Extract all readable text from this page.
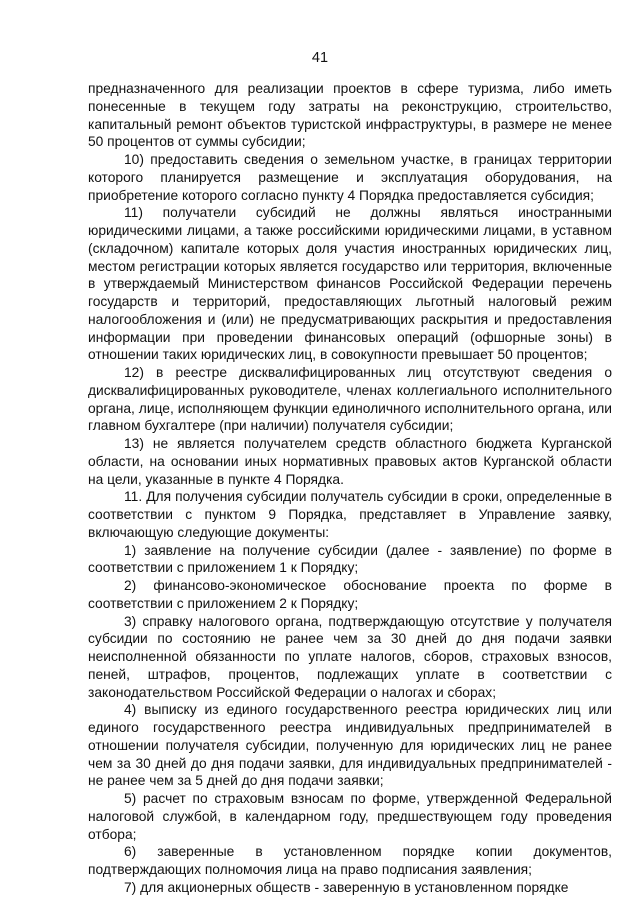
41

предназначенного для реализации проектов в сфере туризма, либо иметь понесенные в текущем году затраты на реконструкцию, строительство, капитальный ремонт объектов туристской инфраструктуры, в размере не менее 50 процентов от суммы субсидии;

10) предоставить сведения о земельном участке, в границах территории которого планируется размещение и эксплуатация оборудования, на приобретение которого согласно пункту 4 Порядка предоставляется субсидия;

11) получатели субсидий не должны являться иностранными юридическими лицами, а также российскими юридическими лицами, в уставном (складочном) капитале которых доля участия иностранных юридических лиц, местом регистрации которых является государство или территория, включенные в утверждаемый Министерством финансов Российской Федерации перечень государств и территорий, предоставляющих льготный налоговый режим налогообложения и (или) не предусматривающих раскрытия и предоставления информации при проведении финансовых операций (офшорные зоны) в отношении таких юридических лиц, в совокупности превышает 50 процентов;

12) в реестре дисквалифицированных лиц отсутствуют сведения о дисквалифицированных руководителе, членах коллегиального исполнительного органа, лице, исполняющем функции единоличного исполнительного органа, или главном бухгалтере (при наличии) получателя субсидии;

13) не является получателем средств областного бюджета Курганской области, на основании иных нормативных правовых актов Курганской области на цели, указанные в пункте 4 Порядка.

11. Для получения субсидии получатель субсидии в сроки, определенные в соответствии с пунктом 9 Порядка, представляет в Управление заявку, включающую следующие документы:

1) заявление на получение субсидии (далее - заявление) по форме в соответствии с приложением 1 к Порядку;

2) финансово-экономическое обоснование проекта по форме в соответствии с приложением 2 к Порядку;

3) справку налогового органа, подтверждающую отсутствие у получателя субсидии по состоянию не ранее чем за 30 дней до дня подачи заявки неисполненной обязанности по уплате налогов, сборов, страховых взносов, пеней, штрафов, процентов, подлежащих уплате в соответствии с законодательством Российской Федерации о налогах и сборах;

4) выписку из единого государственного реестра юридических лиц или единого государственного реестра индивидуальных предпринимателей в отношении получателя субсидии, полученную для юридических лиц не ранее чем за 30 дней до дня подачи заявки, для индивидуальных предпринимателей - не ранее чем за 5 дней до дня подачи заявки;

5) расчет по страховым взносам по форме, утвержденной Федеральной налоговой службой, в календарном году, предшествующем году проведения отбора;

6) заверенные в установленном порядке копии документов, подтверждающих полномочия лица на право подписания заявления;

7) для акционерных обществ - заверенную в установленном порядке
